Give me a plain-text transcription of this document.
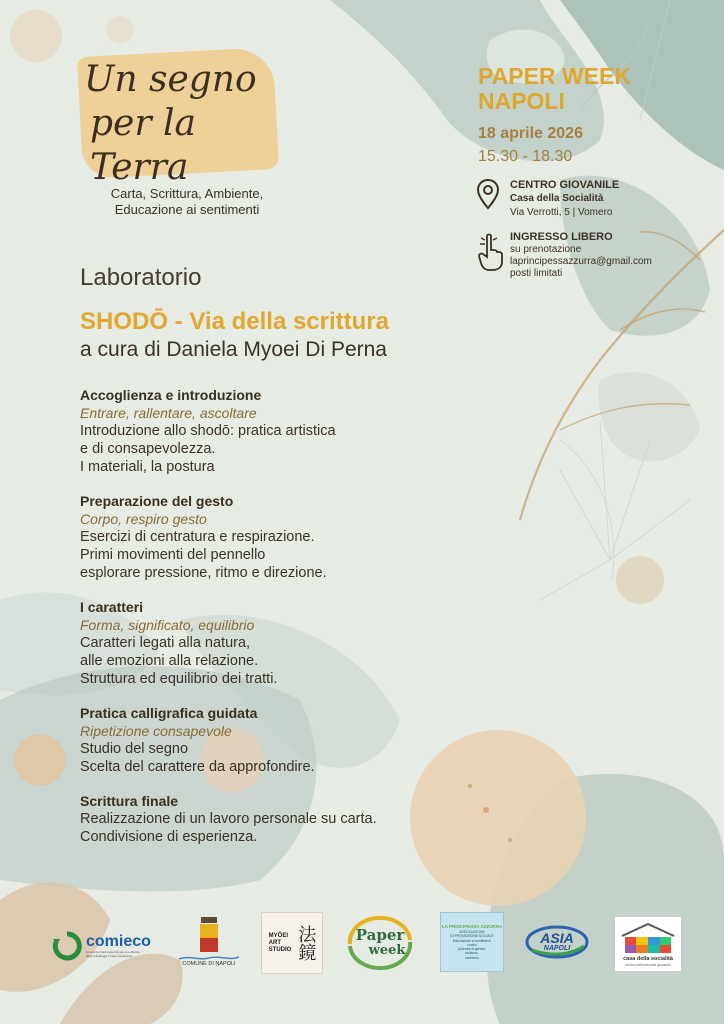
Un segno
per la Terra
Carta, Scrittura, Ambiente,
Educazione ai sentimenti
PAPER WEEK
NAPOLI
18 aprile 2026
15.30 - 18.30
CENTRO GIOVANILE
Casa della Socialità
Via Verrotti, 5 | Vomero
INGRESSO LIBERO
su prenotazione
laprincipessazzurra@gmail.com
posti limitati
Laboratorio
SHODŌ - Via della scrittura
a cura di Daniela Myoei Di Perna
Accoglienza e introduzione
Entrare, rallentare, ascoltare
Introduzione allo shodō: pratica artistica
e di consapevolezza.
I materiali, la postura
Preparazione del gesto
Corpo, respiro gesto
Esercizi di centratura e respirazione.
Primi movimenti del pennello
esplorare pressione, ritmo e direzione.
I caratteri
Forma, significato, equilibrio
Caratteri legati alla natura,
alle emozioni alla relazione.
Struttura ed equilibrio dei tratti.
Pratica calligrafica guidata
Ripetizione consapevole
Studio del segno
Scelta del carattere da approfondire.
Scrittura finale
Realizzazione di un lavoro personale su carta.
Condivisione di esperienza.
comieco
Consorzio Nazionale Recupero e Riciclo
degli Imballaggi a base Cellulosica
COMUNE DI NAPOLI
MYŌEI
ART
STUDIO 法鏡	Paper
week
LA PRINCIPESSA AZZURRA
ASSOCIAZIONE
DI PROMOZIONE SOCIALE
Educazione ai sentimenti
contro
violenza di genere,
bullismo,
razzismo
ASIA
NAPOLI
casa della socialità
centro polifunzionale giovanile
